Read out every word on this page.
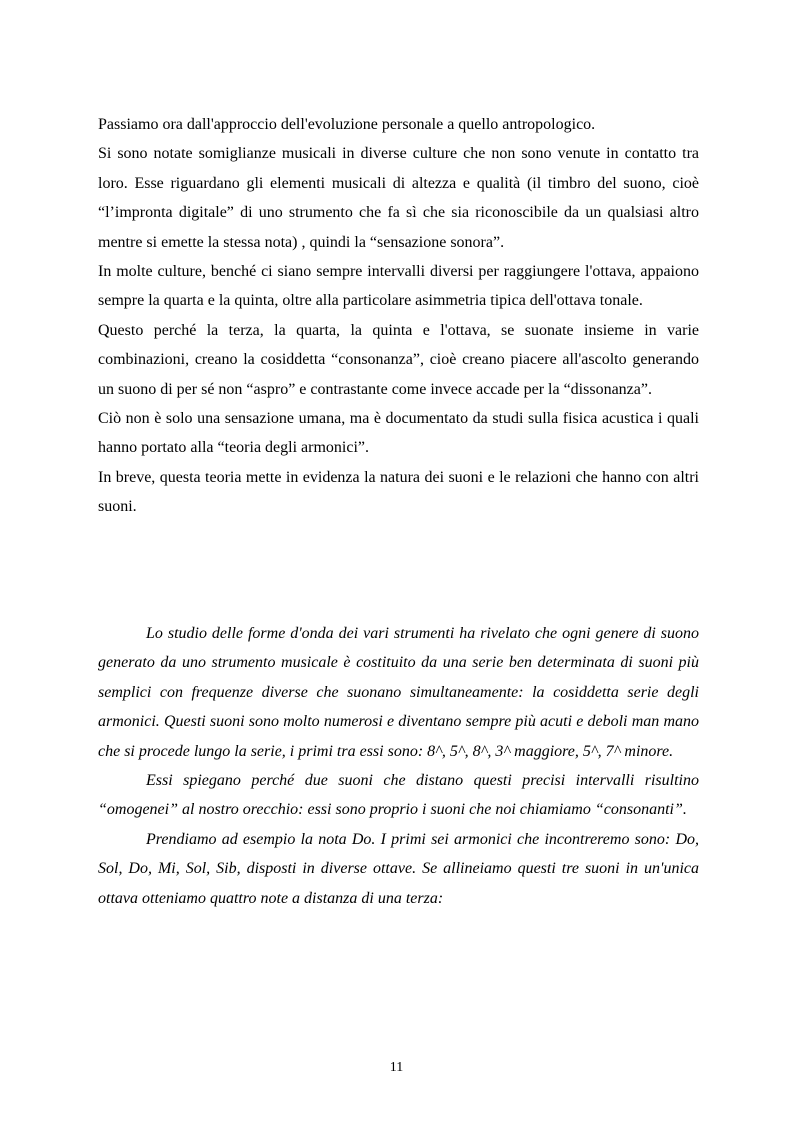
Passiamo ora dall'approccio dell'evoluzione personale a quello antropologico.

Si sono notate somiglianze musicali in diverse culture che non sono venute in contatto tra loro. Esse riguardano gli elementi musicali di altezza e qualità (il timbro del suono, cioè “l’impronta digitale” di uno strumento che fa sì che sia riconoscibile da un qualsiasi altro mentre si emette la stessa nota) , quindi la “sensazione sonora”.

In molte culture, benché ci siano sempre intervalli diversi per raggiungere l'ottava, appaiono sempre la quarta e la quinta, oltre alla particolare asimmetria tipica dell'ottava tonale.

Questo perché la terza, la quarta, la quinta e l'ottava, se suonate insieme in varie combinazioni, creano la cosiddetta “consonanza”, cioè creano piacere all'ascolto generando un suono di per sé non “aspro” e contrastante come invece accade per la “dissonanza”.

Ciò non è solo una sensazione umana, ma è documentato da studi sulla fisica acustica i quali hanno portato alla “teoria degli armonici”.

In breve, questa teoria mette in evidenza la natura dei suoni e le relazioni che hanno con altri suoni.

Lo studio delle forme d'onda dei vari strumenti ha rivelato che ogni genere di suono generato da uno strumento musicale è costituito da una serie ben determinata di suoni più semplici con frequenze diverse che suonano simultaneamente: la cosiddetta serie degli armonici. Questi suoni sono molto numerosi e diventano sempre più acuti e deboli man mano che si procede lungo la serie, i primi tra essi sono: 8^, 5^, 8^, 3^ maggiore, 5^, 7^ minore.

Essi spiegano perché due suoni che distano questi precisi intervalli risultino “omogenei” al nostro orecchio: essi sono proprio i suoni che noi chiamiamo “consonanti”.

Prendiamo ad esempio la nota Do. I primi sei armonici che incontreremo sono: Do, Sol, Do, Mi, Sol, Sib, disposti in diverse ottave. Se allineiamo questi tre suoni in un'unica ottava otteniamo quattro note a distanza di una terza:

11
